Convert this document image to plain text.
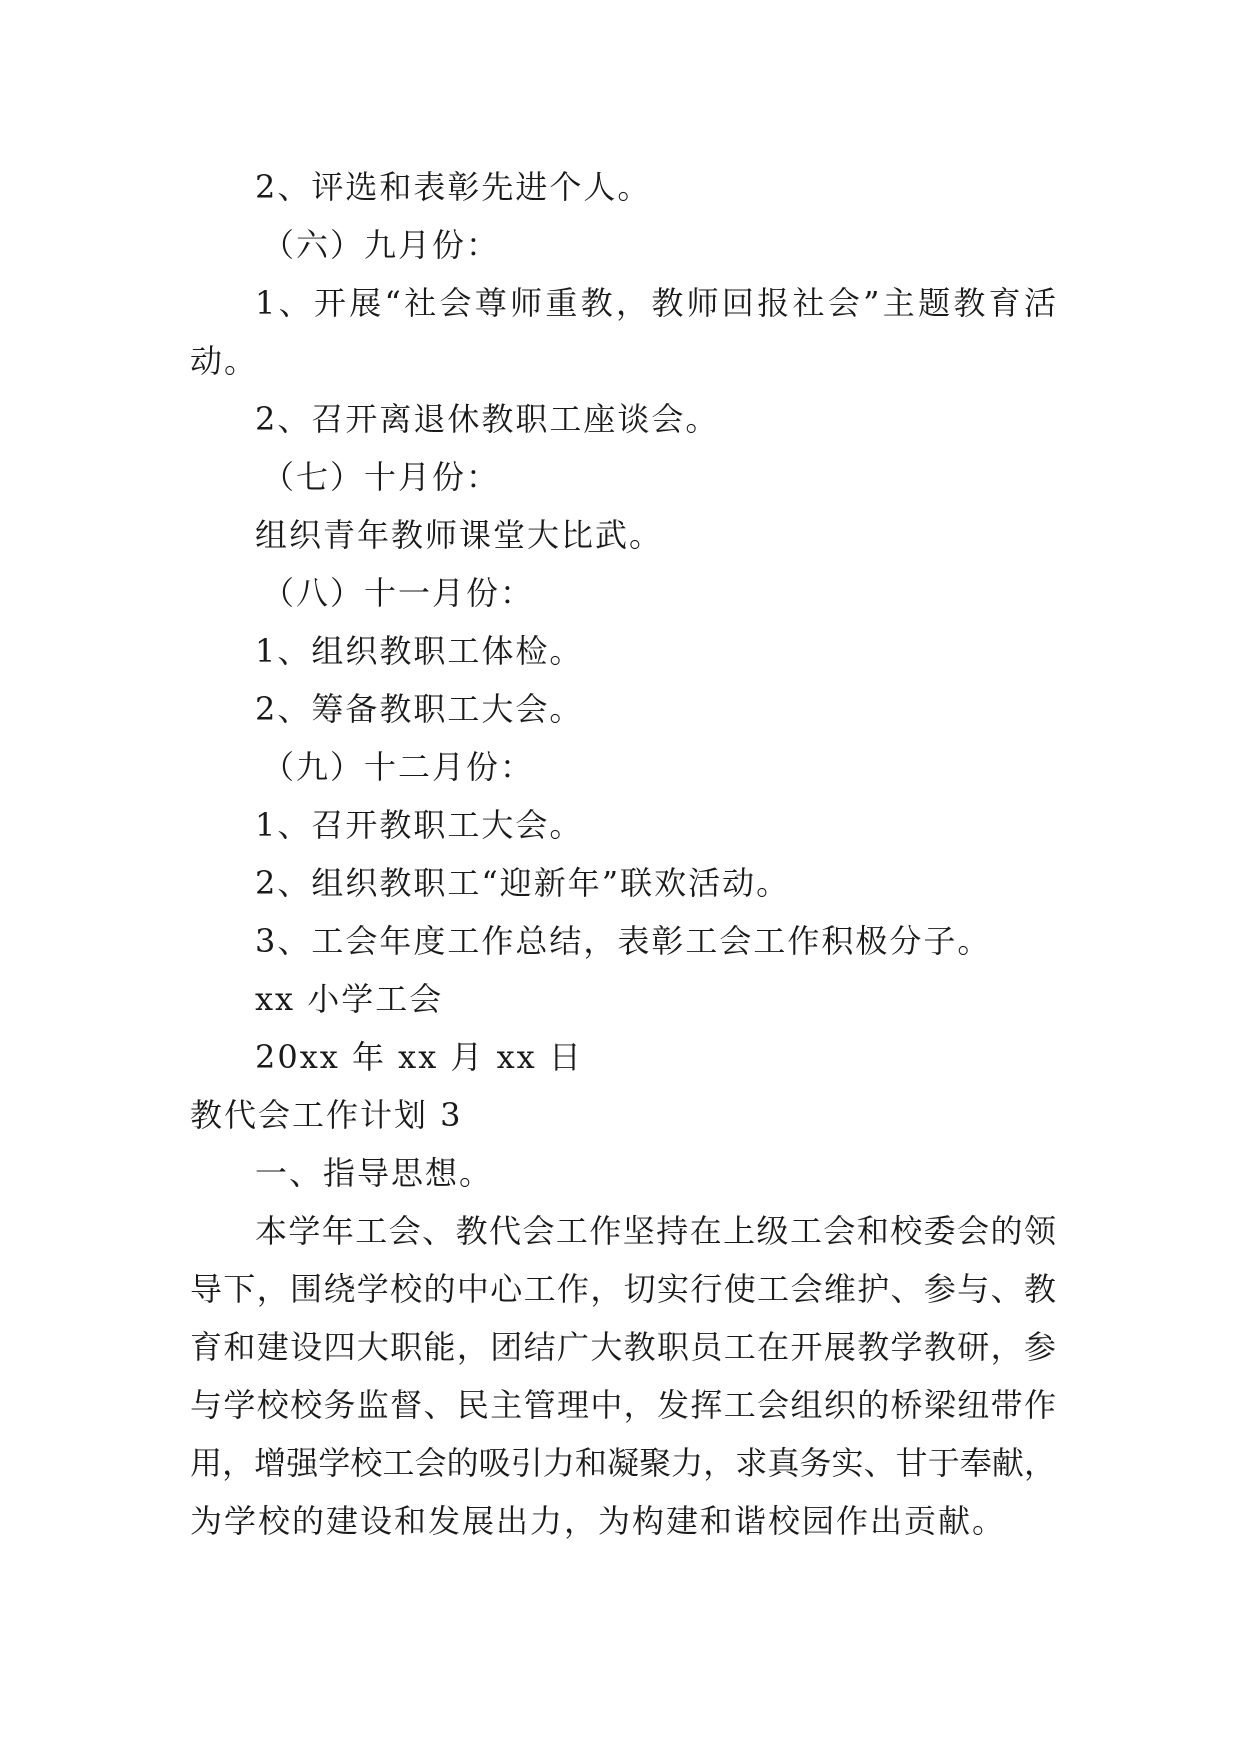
2、评选和表彰先进个人。
（六）九月份：
1、开展“社会尊师重教，教师回报社会”主题教育活
动。
2、召开离退休教职工座谈会。
（七）十月份：
组织青年教师课堂大比武。
（八）十一月份：
1、组织教职工体检。
2、筹备教职工大会。
（九）十二月份：
1、召开教职工大会。
2、组织教职工“迎新年”联欢活动。
3、工会年度工作总结，表彰工会工作积极分子。
xx 小学工会
20xx 年 xx 月 xx 日
教代会工作计划 3
一、指导思想。
本学年工会、教代会工作坚持在上级工会和校委会的领
导下，围绕学校的中心工作，切实行使工会维护、参与、教
育和建设四大职能，团结广大教职员工在开展教学教研，参
与学校校务监督、民主管理中，发挥工会组织的桥梁纽带作
用，增强学校工会的吸引力和凝聚力，求真务实、甘于奉献，
为学校的建设和发展出力，为构建和谐校园作出贡献。
